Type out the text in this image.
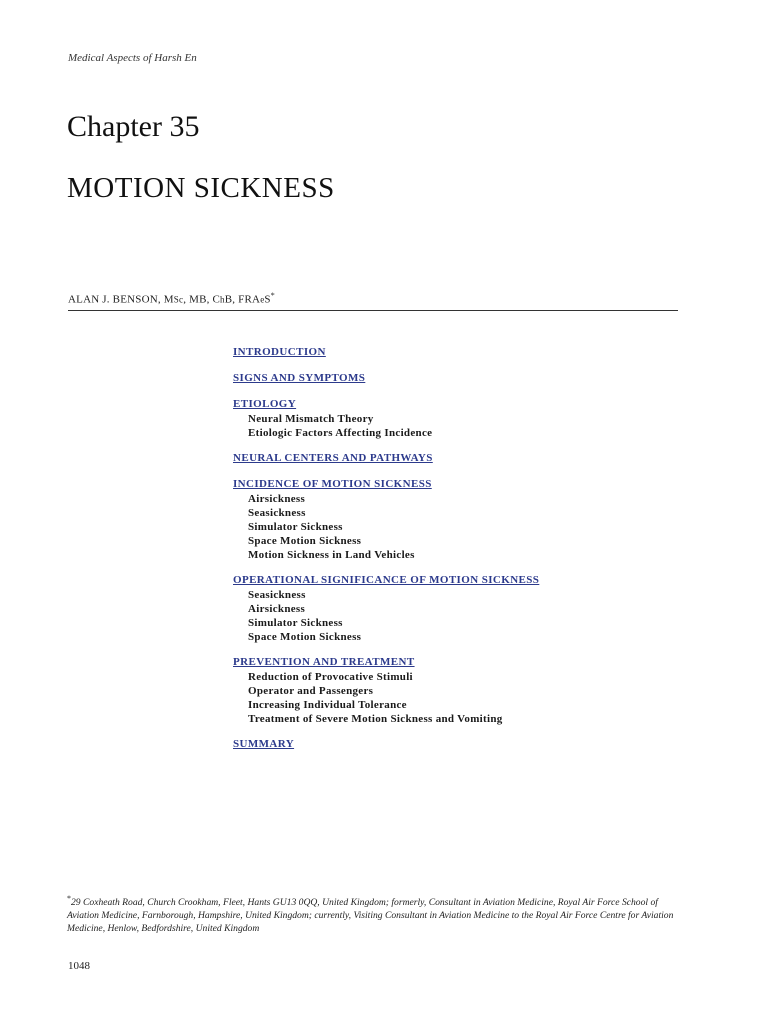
Medical Aspects of Harsh En
Chapter 35
MOTION SICKNESS
ALAN J. BENSON, MSc, MB, ChB, FRAeS*
INTRODUCTION
SIGNS AND SYMPTOMS
ETIOLOGY
Neural Mismatch Theory
Etiologic Factors Affecting Incidence
NEURAL CENTERS AND PATHWAYS
INCIDENCE OF MOTION SICKNESS
Airsickness
Seasickness
Simulator Sickness
Space Motion Sickness
Motion Sickness in Land Vehicles
OPERATIONAL SIGNIFICANCE OF MOTION SICKNESS
Seasickness
Airsickness
Simulator Sickness
Space Motion Sickness
PREVENTION AND TREATMENT
Reduction of Provocative Stimuli
Operator and Passengers
Increasing Individual Tolerance
Treatment of Severe Motion Sickness and Vomiting
SUMMARY
*29 Coxheath Road, Church Crookham, Fleet, Hants GU13 0QQ, United Kingdom; formerly, Consultant in Aviation Medicine, Royal Air Force School of Aviation Medicine, Farnborough, Hampshire, United Kingdom; currently, Visiting Consultant in Aviation Medicine to the Royal Air Force Centre for Aviation Medicine, Henlow, Bedfordshire, United Kingdom
1048
